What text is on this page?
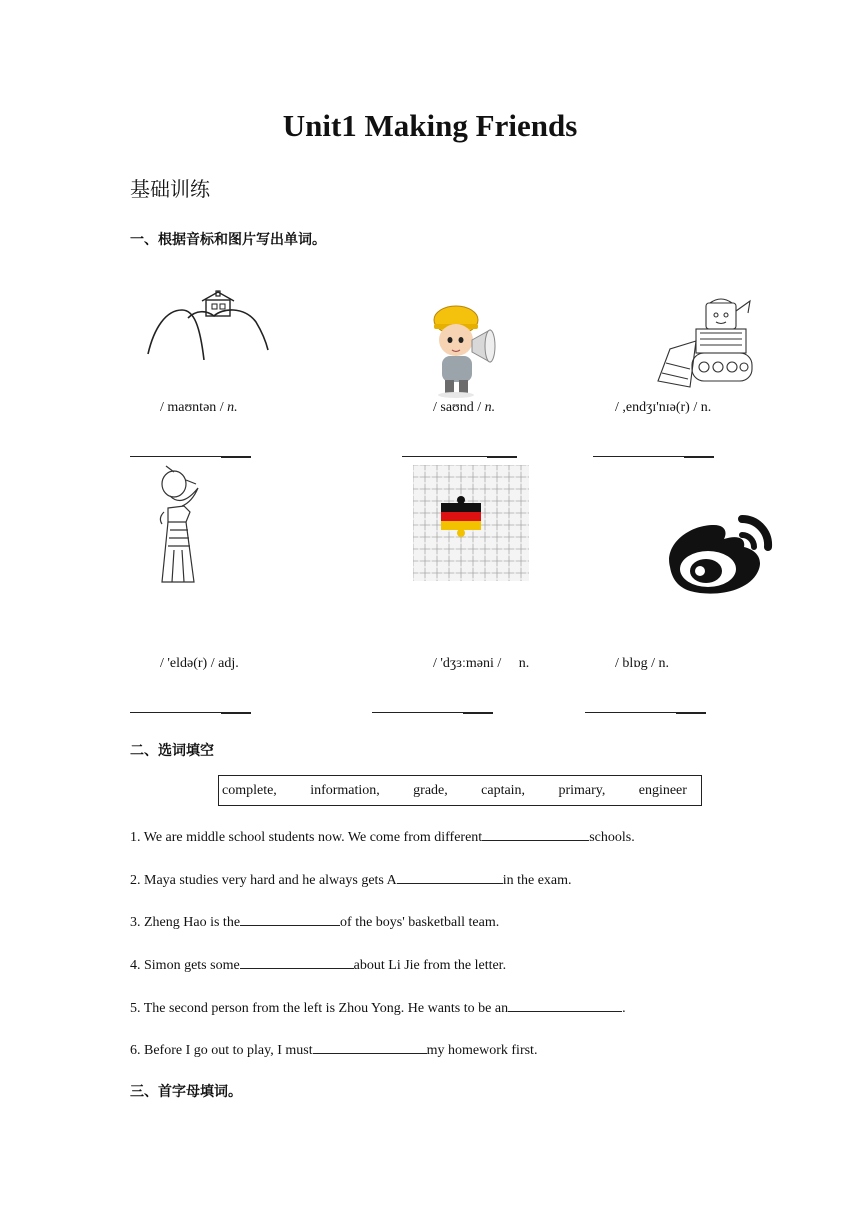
Unit1 Making Friends
基础训练
一、根据音标和图片写出单词。
/ maʊntən / n.	/ saʊnd / n.	/ ,endʒɪ'nɪə(r) / n.
/ 'eldə(r) / adj.	/ 'dʒɜːməni /     n.	/ blɒg / n.
二、选词填空
complete, information, grade, captain, primary, engineer
1. We are middle school students now. We come from different	schools.
2. Maya studies very hard and he always gets A	in the exam.
3. Zheng Hao is the	of the boys' basketball team.
4. Simon gets some	about Li Jie from the letter.
5. The second person from the left is Zhou Yong. He wants to be an	.
6. Before I go out to play, I must	my homework first.
三、首字母填词。
